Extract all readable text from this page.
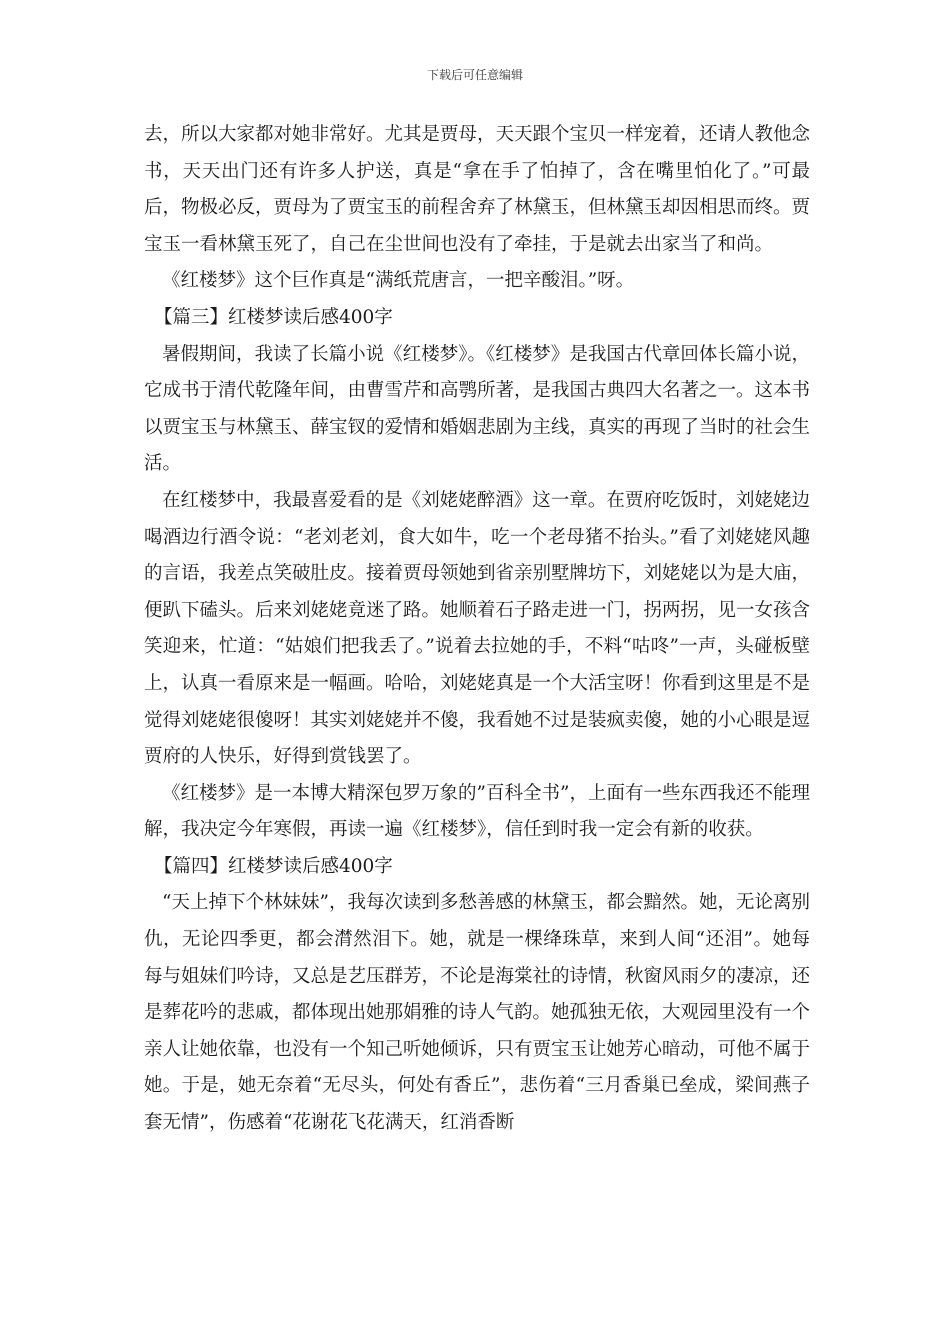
下载后可任意编辑

去，所以大家都对她非常好。尤其是贾母，天天跟个宝贝一样宠着，还请人教他念书，天天出门还有许多人护送，真是“拿在手了怕掉了，含在嘴里怕化了。”可最后，物极必反，贾母为了贾宝玉的前程舍弃了林黛玉，但林黛玉却因相思而终。贾宝玉一看林黛玉死了，自己在尘世间也没有了牵挂，于是就去出家当了和尚。

《红楼梦》这个巨作真是“满纸荒唐言，一把辛酸泪。”呀。

【篇三】红楼梦读后感400字

暑假期间，我读了长篇小说《红楼梦》。《红楼梦》是我国古代章回体长篇小说，它成书于清代乾隆年间，由曹雪芹和高鹗所著，是我国古典四大名著之一。这本书以贾宝玉与林黛玉、薛宝钗的爱情和婚姻悲剧为主线，真实的再现了当时的社会生活。

在红楼梦中，我最喜爱看的是《刘姥姥醉酒》这一章。在贾府吃饭时，刘姥姥边喝酒边行酒令说：“老刘老刘，食大如牛，吃一个老母猪不抬头。”看了刘姥姥风趣的言语，我差点笑破肚皮。接着贾母领她到省亲别墅牌坊下，刘姥姥以为是大庙，便趴下磕头。后来刘姥姥竟迷了路。她顺着石子路走进一门，拐两拐，见一女孩含笑迎来，忙道：“姑娘们把我丢了。”说着去拉她的手，不料“咕咚”一声，头碰板壁上，认真一看原来是一幅画。哈哈，刘姥姥真是一个大活宝呀！你看到这里是不是觉得刘姥姥很傻呀！其实刘姥姥并不傻，我看她不过是装疯卖傻，她的小心眼是逗贾府的人快乐，好得到赏钱罢了。

《红楼梦》是一本博大精深包罗万象的”百科全书”，上面有一些东西我还不能理解，我决定今年寒假，再读一遍《红楼梦》，信任到时我一定会有新的收获。

【篇四】红楼梦读后感400字

“天上掉下个林妹妹”，我每次读到多愁善感的林黛玉，都会黯然。她，无论离别仇，无论四季更，都会潸然泪下。她，就是一棵绛珠草，来到人间“还泪”。她每每与姐妹们吟诗，又总是艺压群芳，不论是海棠社的诗情，秋窗风雨夕的凄凉，还是葬花吟的悲戚，都体现出她那娟雅的诗人气韵。她孤独无依，大观园里没有一个亲人让她依靠，也没有一个知己听她倾诉，只有贾宝玉让她芳心暗动，可他不属于她。于是，她无奈着“无尽头，何处有香丘”，悲伤着“三月香巢已垒成，梁间燕子套无情”，伤感着“花谢花飞花满天，红消香断
